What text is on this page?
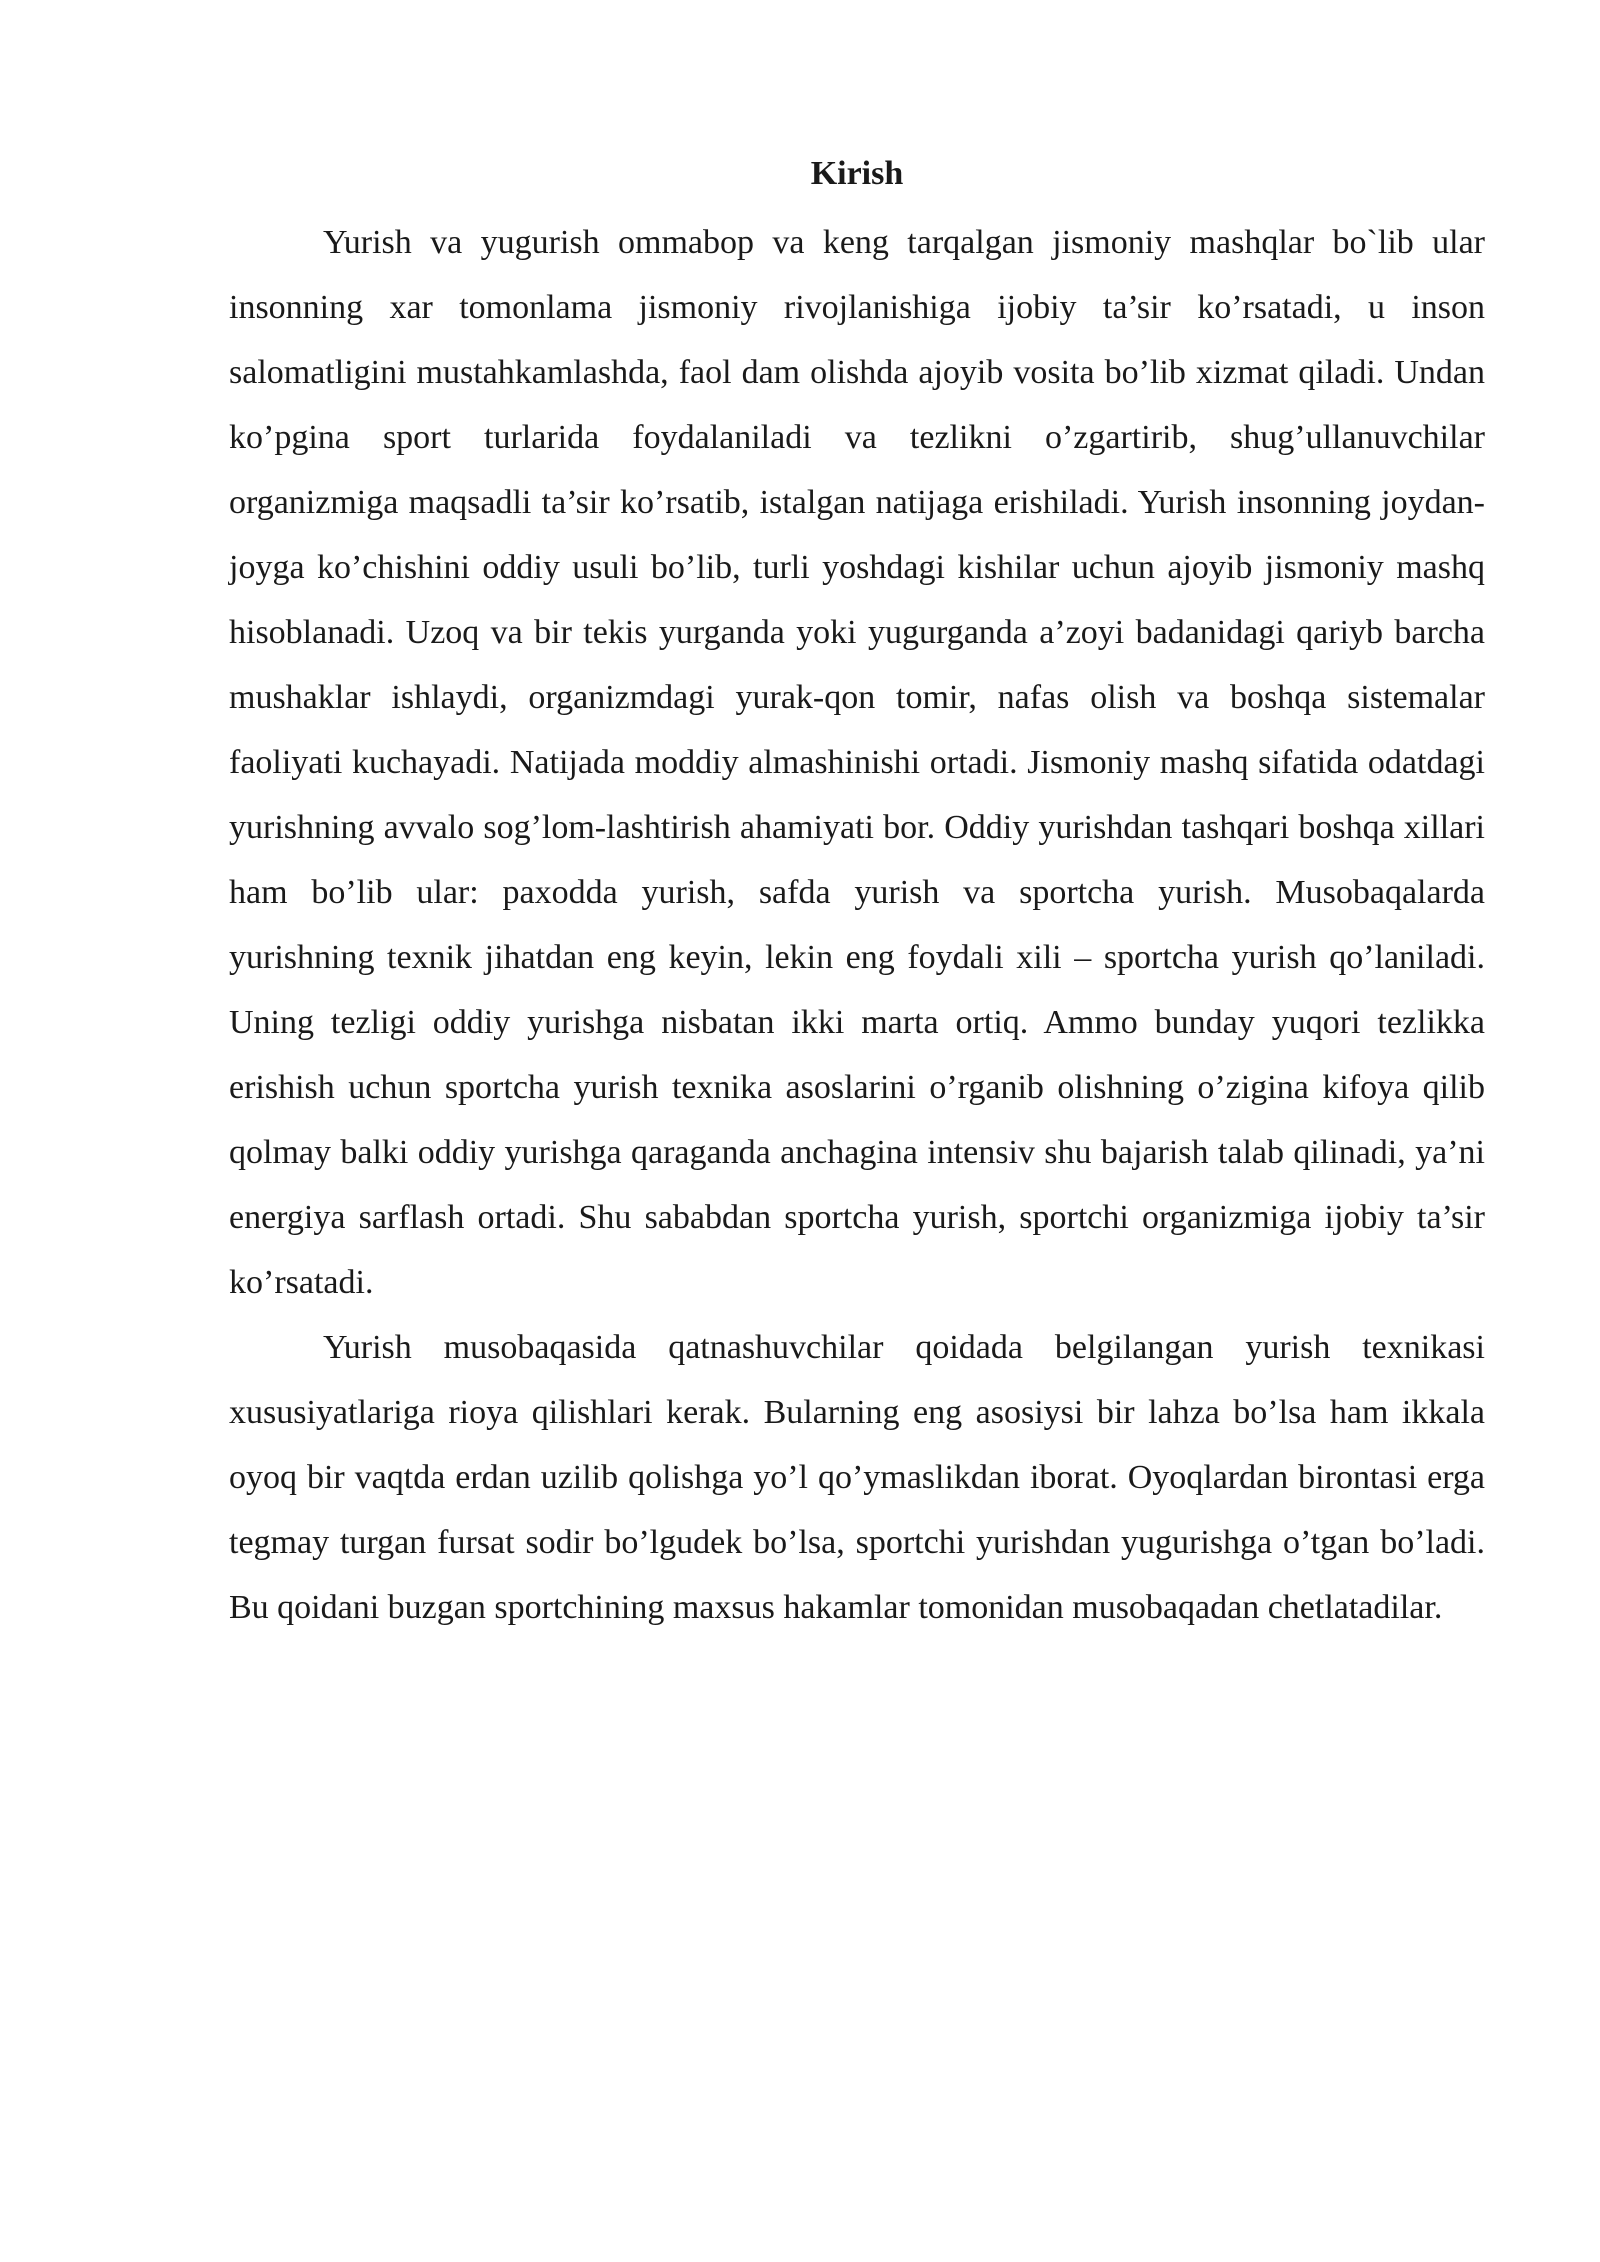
Kirish

Yurish va yugurish ommabop va keng tarqalgan jismoniy mashqlar bo`lib ular insonning xar tomonlama jismoniy rivojlanishiga ijobiy ta’sir ko’rsatadi, u inson salomatligini mustahkamlashda, faol dam olishda ajoyib vosita bo’lib xizmat qiladi. Undan ko’pgina sport turlarida foydalaniladi va tezlikni o’zgartirib, shug’ullanuvchilar organizmiga maqsadli ta’sir ko’rsatib, istalgan natijaga erishiladi. Yurish insonning joydan-joyga ko’chishini oddiy usuli bo’lib, turli yoshdagi kishilar uchun ajoyib jismoniy mashq hisoblanadi. Uzoq va bir tekis yurganda yoki yugurganda a’zoyi badanidagi qariyb barcha mushaklar ishlaydi, organizmdagi yurak-qon tomir, nafas olish va boshqa sistemalar faoliyati kuchayadi. Natijada moddiy almashinishi ortadi. Jismoniy mashq sifatida odatdagi yurishning avvalo sog’lom-lashtirish ahamiyati bor. Oddiy yurishdan tashqari boshqa xillari ham bo’lib ular: paxodda yurish, safda yurish va sportcha yurish. Musobaqalarda yurishning texnik jihatdan eng keyin, lekin eng foydali xili – sportcha yurish qo’laniladi. Uning tezligi oddiy yurishga nisbatan ikki marta ortiq. Ammo bunday yuqori tezlikka erishish uchun sportcha yurish texnika asoslarini o’rganib olishning o’zigina kifoya qilib qolmay balki oddiy yurishga qaraganda anchagina intensiv shu bajarish talab qilinadi, ya’ni energiya sarflash ortadi. Shu sababdan sportcha yurish, sportchi organizmiga ijobiy ta’sir ko’rsatadi.

Yurish musobaqasida qatnashuvchilar qoidada belgilangan yurish texnikasi xususiyatlariga rioya qilishlari kerak. Bularning eng asosiysi bir lahza bo’lsa ham ikkala oyoq bir vaqtda erdan uzilib qolishga yo’l qo’ymaslikdan iborat. Oyoqlardan birontasi erga tegmay turgan fursat sodir bo’lgudek bo’lsa, sportchi yurishdan yugurishga o’tgan bo’ladi. Bu qoidani buzgan sportchining maxsus hakamlar tomonidan musobaqadan chetlatadilar.
